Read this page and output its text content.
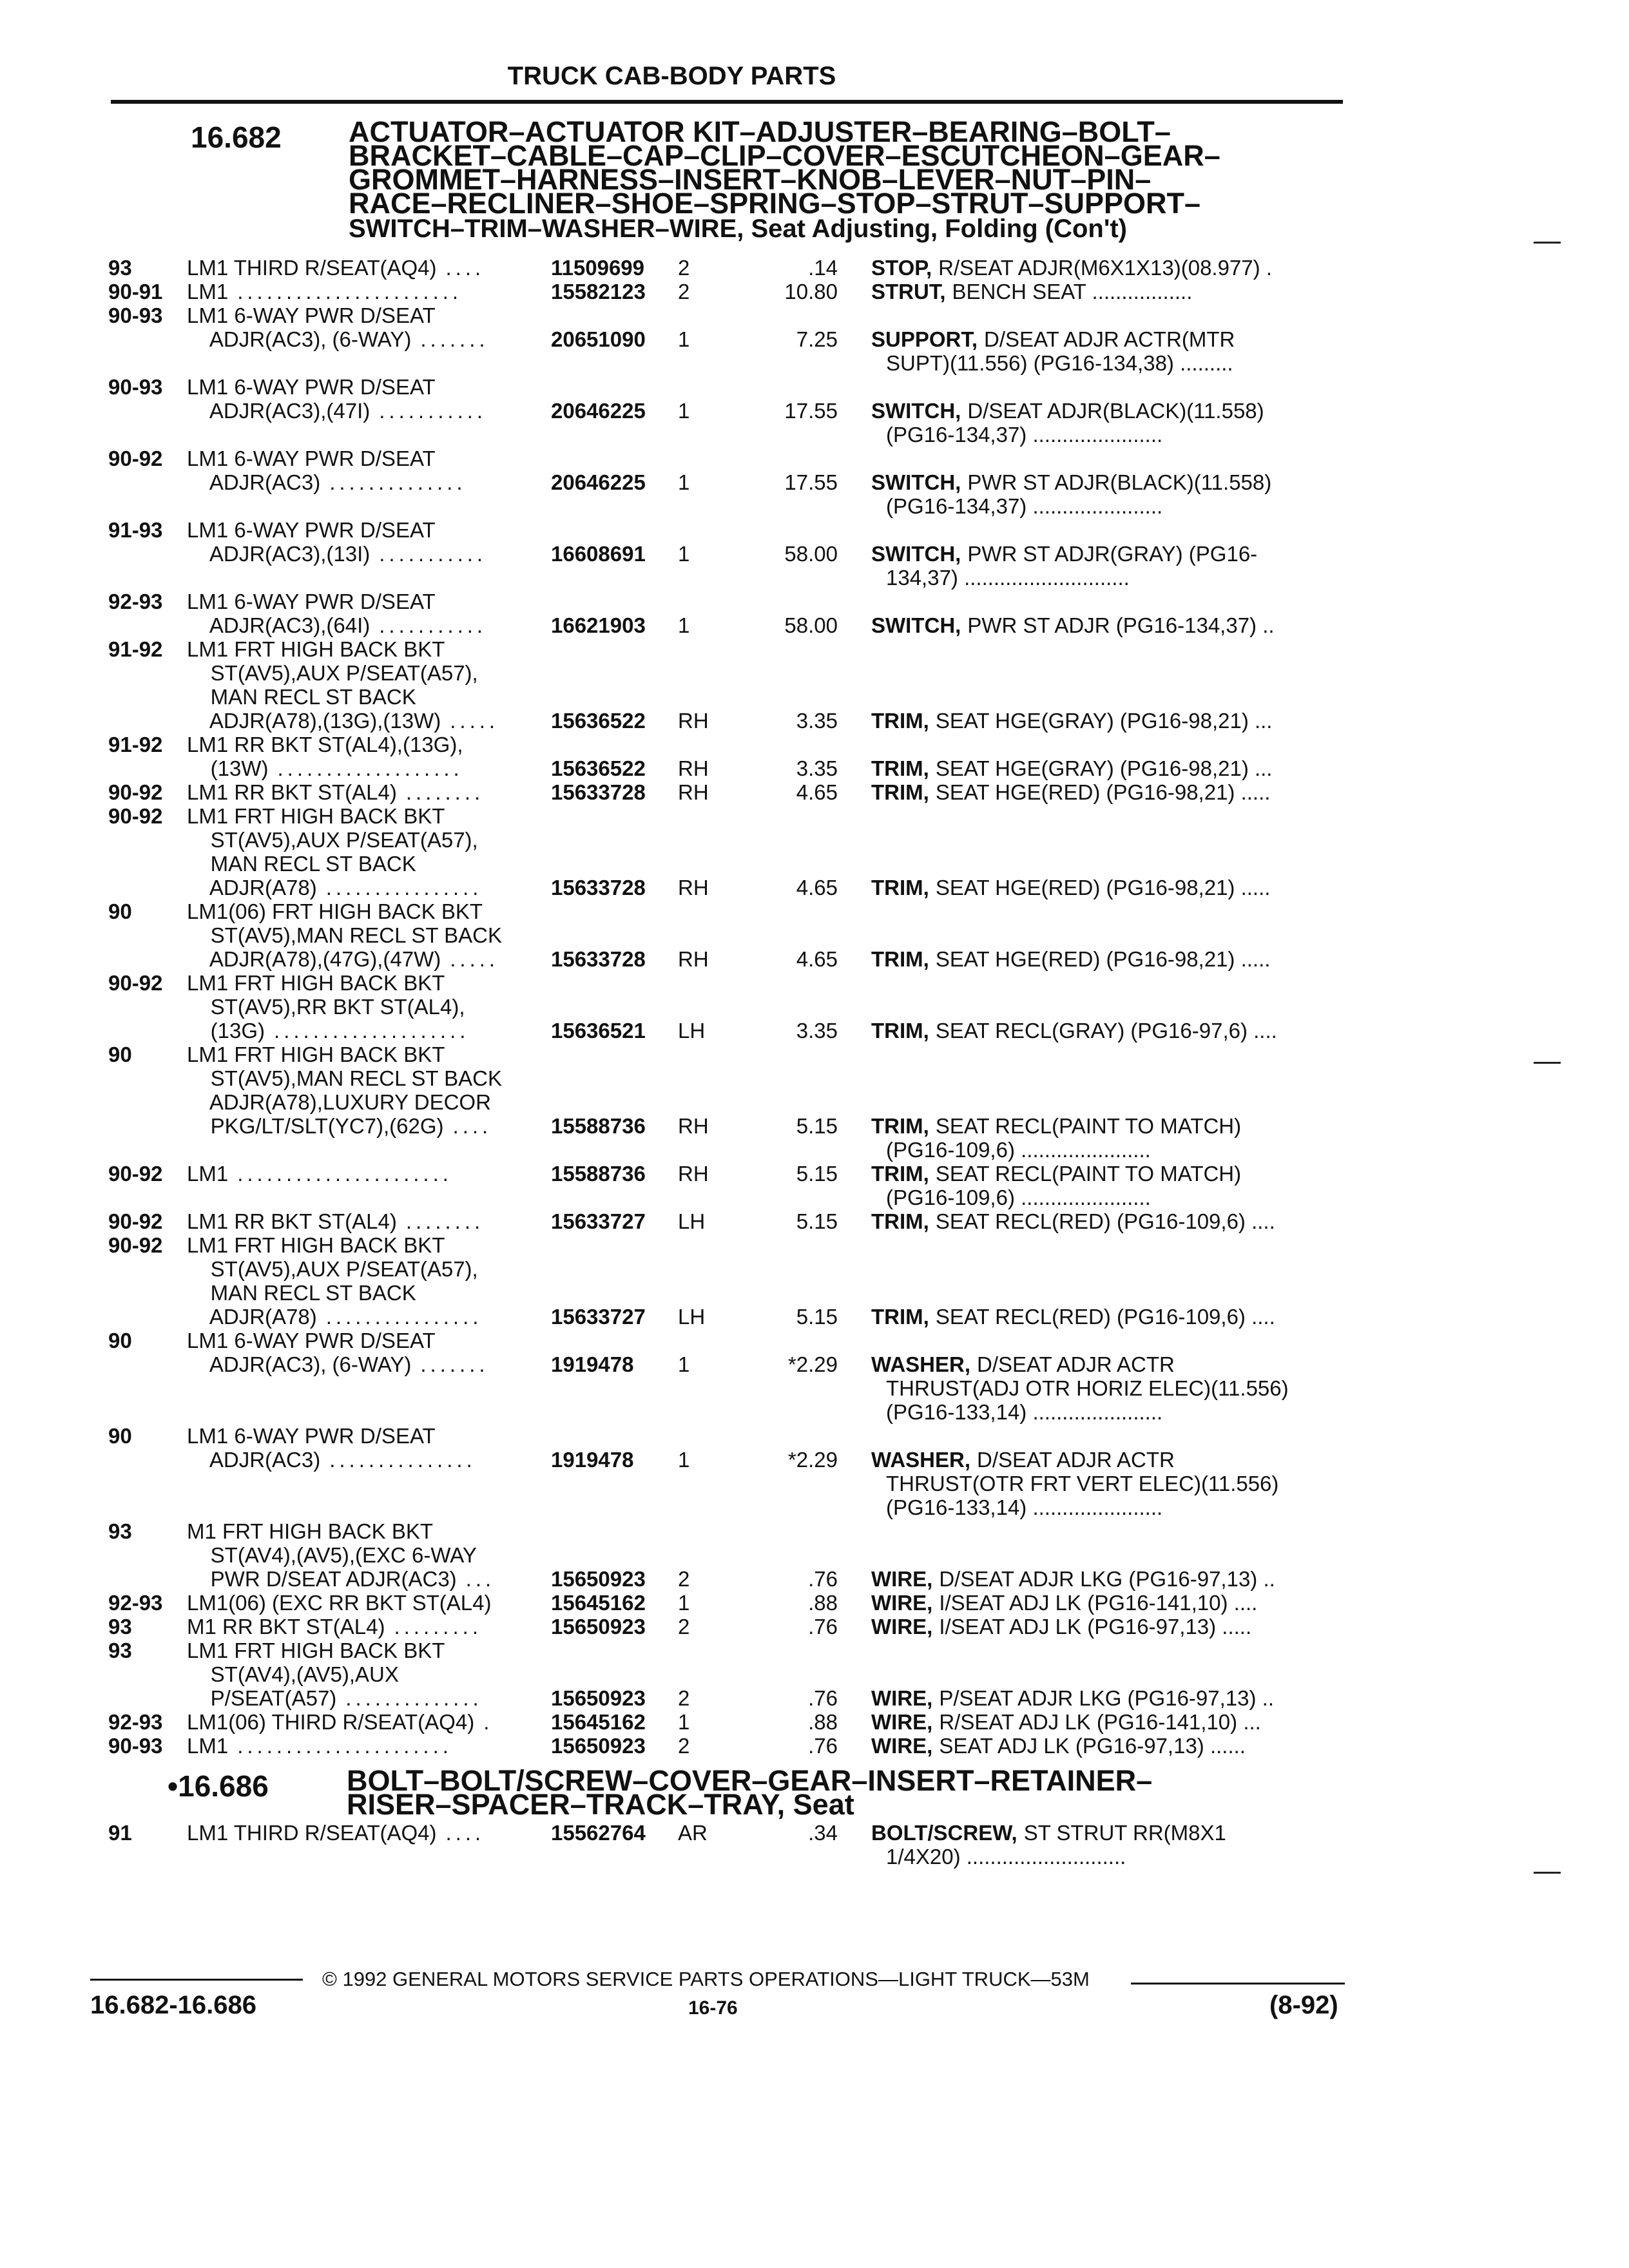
TRUCK CAB-BODY PARTS
16.682 ACTUATOR–ACTUATOR KIT–ADJUSTER–BEARING–BOLT–
BRACKET–CABLE–CAP–CLIP–COVER–ESCUTCHEON–GEAR–
GROMMET–HARNESS–INSERT–KNOB–LEVER–NUT–PIN–
RACE–RECLINER–SHOE–SPRING–STOP–STRUT–SUPPORT–
SWITCH–TRIM–WASHER–WIRE, Seat Adjusting, Folding (Con't)
93	LM1 THIRD R/SEAT(AQ4) ....	11509699 2	.14 STOP, R/SEAT ADJR(M6X1X13)(08.977) .
90-91 LM1 .......................	15582123 2	10.80 STRUT, BENCH SEAT .................
90-93 LM1 6-WAY PWR D/SEAT
ADJR(AC3), (6-WAY) .......	20651090 1	7.25 SUPPORT, D/SEAT ADJR ACTR(MTR
SUPT)(11.556) (PG16-134,38) .........
90-93 LM1 6-WAY PWR D/SEAT
ADJR(AC3),(47I) ...........	20646225 1	17.55 SWITCH, D/SEAT ADJR(BLACK)(11.558)
(PG16-134,37) ......................
90-92 LM1 6-WAY PWR D/SEAT
ADJR(AC3) ..............	20646225 1	17.55 SWITCH, PWR ST ADJR(BLACK)(11.558)
(PG16-134,37) ......................
91-93 LM1 6-WAY PWR D/SEAT
ADJR(AC3),(13I) ...........	16608691 1	58.00 SWITCH, PWR ST ADJR(GRAY) (PG16-
134,37) ............................
92-93 LM1 6-WAY PWR D/SEAT
ADJR(AC3),(64I) ...........	16621903 1	58.00 SWITCH, PWR ST ADJR (PG16-134,37) ..
91-92 LM1 FRT HIGH BACK BKT
ST(AV5),AUX P/SEAT(A57),
MAN RECL ST BACK
ADJR(A78),(13G),(13W) ..... 15636522 RH	3.35 TRIM, SEAT HGE(GRAY) (PG16-98,21) ...
91-92 LM1 RR BKT ST(AL4),(13G),
(13W) ...................	15636522 RH	3.35 TRIM, SEAT HGE(GRAY) (PG16-98,21) ...
90-92 LM1 RR BKT ST(AL4) ........	15633728 RH	4.65 TRIM, SEAT HGE(RED) (PG16-98,21) .....
90-92 LM1 FRT HIGH BACK BKT
ST(AV5),AUX P/SEAT(A57),
MAN RECL ST BACK
ADJR(A78) ................	15633728 RH	4.65 TRIM, SEAT HGE(RED) (PG16-98,21) .....
90	LM1(06) FRT HIGH BACK BKT
ST(AV5),MAN RECL ST BACK
ADJR(A78),(47G),(47W) ..... 15633728 RH	4.65 TRIM, SEAT HGE(RED) (PG16-98,21) .....
90-92 LM1 FRT HIGH BACK BKT
ST(AV5),RR BKT ST(AL4),
(13G) ....................	15636521 LH	3.35 TRIM, SEAT RECL(GRAY) (PG16-97,6) ....
90	LM1 FRT HIGH BACK BKT
ST(AV5),MAN RECL ST BACK
ADJR(A78),LUXURY DECOR
PKG/LT/SLT(YC7),(62G) ....	15588736 RH	5.15 TRIM, SEAT RECL(PAINT TO MATCH)
(PG16-109,6) ......................
90-92 LM1 ......................	15588736 RH	5.15 TRIM, SEAT RECL(PAINT TO MATCH)
(PG16-109,6) ......................
90-92 LM1 RR BKT ST(AL4) ........	15633727 LH	5.15 TRIM, SEAT RECL(RED) (PG16-109,6) ....
90-92 LM1 FRT HIGH BACK BKT
ST(AV5),AUX P/SEAT(A57),
MAN RECL ST BACK
ADJR(A78) ................	15633727 LH	5.15 TRIM, SEAT RECL(RED) (PG16-109,6) ....
90	LM1 6-WAY PWR D/SEAT
ADJR(AC3), (6-WAY) .......	1919478 1	*2.29 WASHER, D/SEAT ADJR ACTR
THRUST(ADJ OTR HORIZ ELEC)(11.556)
(PG16-133,14) ......................
90	LM1 6-WAY PWR D/SEAT
ADJR(AC3) ...............	1919478 1	*2.29 WASHER, D/SEAT ADJR ACTR
THRUST(OTR FRT VERT ELEC)(11.556)
(PG16-133,14) ......................
93	M1 FRT HIGH BACK BKT
ST(AV4),(AV5),(EXC 6-WAY
PWR D/SEAT ADJR(AC3) ...	15650923 2	.76 WIRE, D/SEAT ADJR LKG (PG16-97,13) ..
92-93 LM1(06) (EXC RR BKT ST(AL4)	15645162 1	.88 WIRE, I/SEAT ADJ LK (PG16-141,10) ....
93	M1 RR BKT ST(AL4) .........	15650923 2	.76 WIRE, I/SEAT ADJ LK (PG16-97,13) .....
93	LM1 FRT HIGH BACK BKT
ST(AV4),(AV5),AUX
P/SEAT(A57) ..............	15650923 2	.76 WIRE, P/SEAT ADJR LKG (PG16-97,13) ..
92-93 LM1(06) THIRD R/SEAT(AQ4) .	15645162 1	.88 WIRE, R/SEAT ADJ LK (PG16-141,10) ...
90-93 LM1 ......................	15650923 2	.76 WIRE, SEAT ADJ LK (PG16-97,13) ......
•16.686	BOLT–BOLT/SCREW–COVER–GEAR–INSERT–RETAINER–
RISER–SPACER–TRACK–TRAY, Seat
91	LM1 THIRD R/SEAT(AQ4) ....	15562764 AR	.34 BOLT/SCREW, ST STRUT RR(M8X1
1/4X20) ...........................
© 1992 GENERAL MOTORS SERVICE PARTS OPERATIONS—LIGHT TRUCK—53M
16.682-16.686	16-76	(8-92)
